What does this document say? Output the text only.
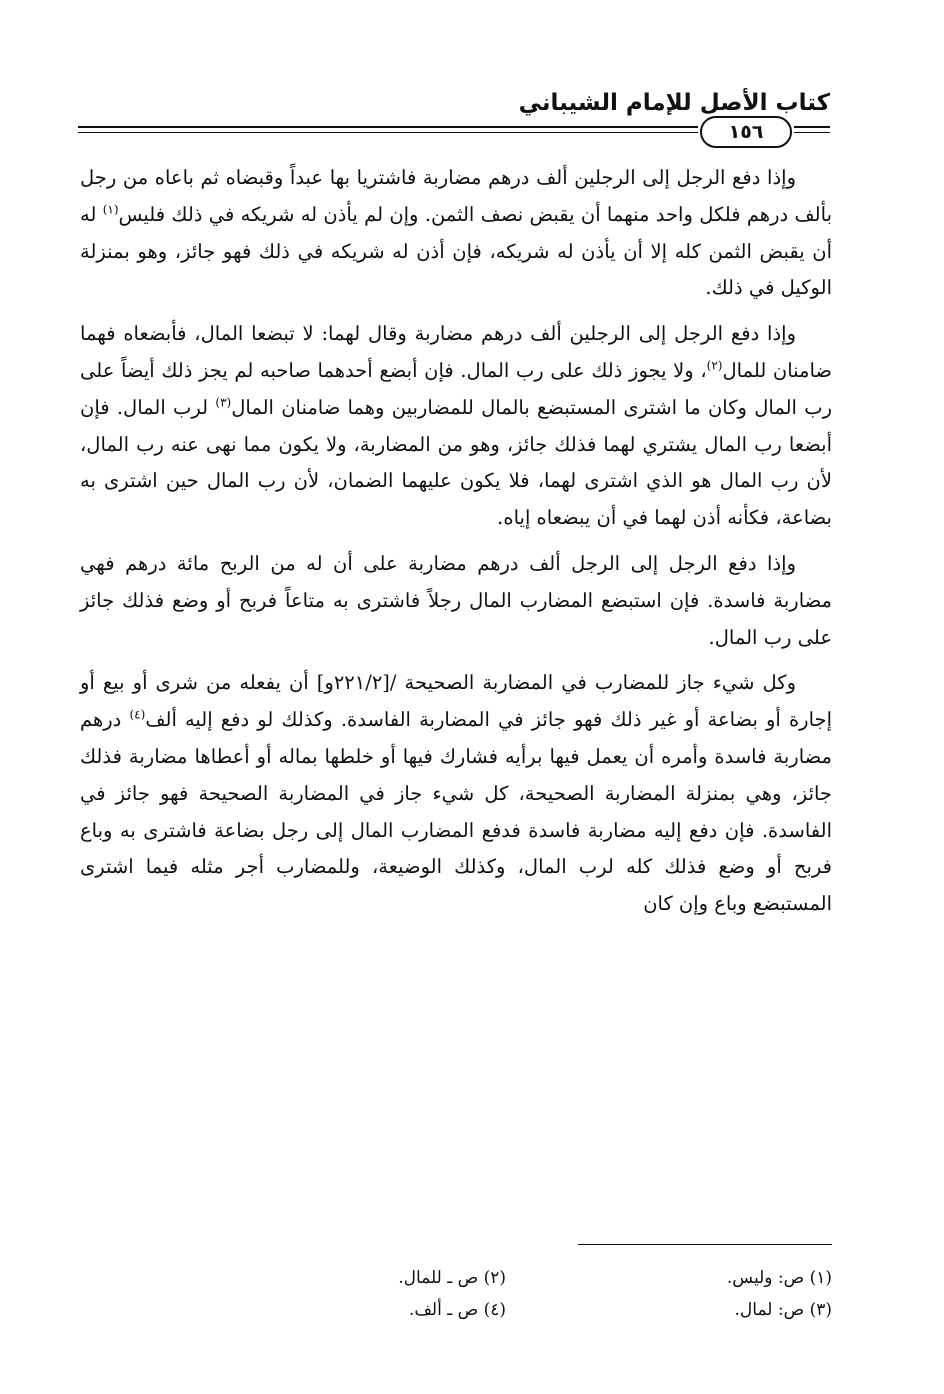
كتاب الأصل للإمام الشيباني
١٥٦

وإذا دفع الرجل إلى الرجلين ألف درهم مضاربة فاشتريا بها عبداً وقبضاه ثم باعاه من رجل بألف درهم فلكل واحد منهما أن يقبض نصف الثمن. وإن لم يأذن له شريكه في ذلك فليس$^{(١)}$ له أن يقبض الثمن كله إلا أن يأذن له شريكه، فإن أذن له شريكه في ذلك فهو جائز، وهو بمنزلة الوكيل في ذلك.

وإذا دفع الرجل إلى الرجلين ألف درهم مضاربة وقال لهما: لا تبضعا المال، فأبضعاه فهما ضامنان للمال$^{(٢)}$، ولا يجوز ذلك على رب المال. فإن أبضع أحدهما صاحبه لم يجز ذلك أيضاً على رب المال وكان ما اشترى المستبضع بالمال للمضاربين وهما ضامنان المال$^{(٣)}$ لرب المال. فإن أبضعا رب المال يشتري لهما فذلك جائز، وهو من المضاربة، ولا يكون مما نهى عنه رب المال، لأن رب المال هو الذي اشترى لهما، فلا يكون عليهما الضمان، لأن رب المال حين اشترى به بضاعة، فكأنه أذن لهما في أن يبضعاه إياه.

وإذا دفع الرجل إلى الرجل ألف درهم مضاربة على أن له من الربح مائة درهم فهي مضاربة فاسدة. فإن استبضع المضارب المال رجلاً فاشترى به متاعاً فربح أو وضع فذلك جائز على رب المال.

وكل شيء جاز للمضارب في المضاربة الصحيحة /[٢٢١/٢و] أن يفعله من شرى أو بيع أو إجارة أو بضاعة أو غير ذلك فهو جائز في المضاربة الفاسدة. وكذلك لو دفع إليه ألف$^{(٤)}$ درهم مضاربة فاسدة وأمره أن يعمل فيها برأيه فشارك فيها أو خلطها بماله أو أعطاها مضاربة فذلك جائز، وهي بمنزلة المضاربة الصحيحة، كل شيء جاز في المضاربة الصحيحة فهو جائز في الفاسدة. فإن دفع إليه مضاربة فاسدة فدفع المضارب المال إلى رجل بضاعة فاشترى به وباع فربح أو وضع فذلك كله لرب المال، وكذلك الوضيعة، وللمضارب أجر مثله فيما اشترى المستبضع وباع وإن كان

(١) ص: وليس.
(٢) ص ـ للمال.
(٣) ص: لمال.
(٤) ص ـ ألف.
